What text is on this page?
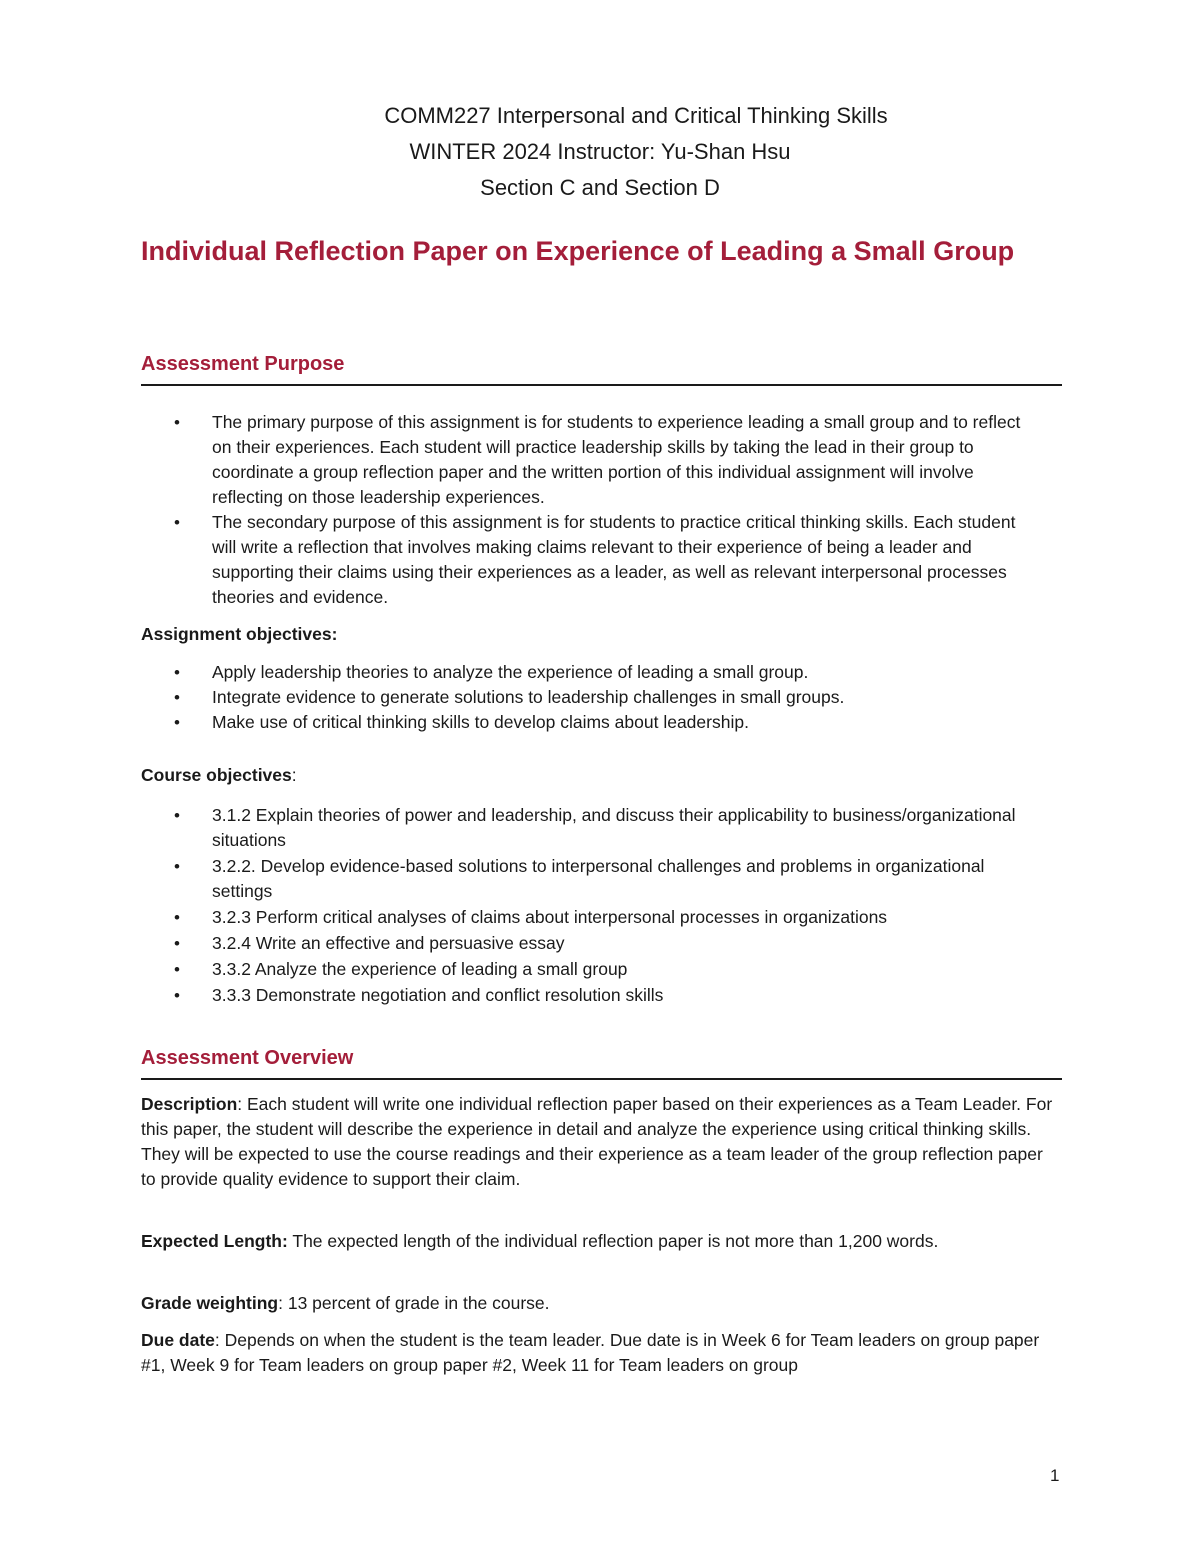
COMM227 Interpersonal and Critical Thinking Skills
WINTER 2024 Instructor: Yu-Shan Hsu
Section C and Section D
Individual Reflection Paper on Experience of Leading a Small Group
Assessment Purpose
• The primary purpose of this assignment is for students to experience leading a small group and to reflect on their experiences. Each student will practice leadership skills by taking the lead in their group to coordinate a group reflection paper and the written portion of this individual assignment will involve reflecting on those leadership experiences.
• The secondary purpose of this assignment is for students to practice critical thinking skills. Each student will write a reflection that involves making claims relevant to their experience of being a leader and supporting their claims using their experiences as a leader, as well as relevant interpersonal processes theories and evidence.
Assignment objectives:
• Apply leadership theories to analyze the experience of leading a small group.
• Integrate evidence to generate solutions to leadership challenges in small groups.
• Make use of critical thinking skills to develop claims about leadership.
Course objectives:
• 3.1.2 Explain theories of power and leadership, and discuss their applicability to business/organizational situations
• 3.2.2. Develop evidence-based solutions to interpersonal challenges and problems in organizational settings
• 3.2.3 Perform critical analyses of claims about interpersonal processes in organizations
• 3.2.4 Write an effective and persuasive essay
• 3.3.2 Analyze the experience of leading a small group
• 3.3.3 Demonstrate negotiation and conflict resolution skills
Assessment Overview

Description: Each student will write one individual reflection paper based on their experiences as a Team Leader. For this paper, the student will describe the experience in detail and analyze the experience using critical thinking skills. They will be expected to use the course readings and their experience as a team leader of the group reflection paper to provide quality evidence to support their claim.

Expected Length: The expected length of the individual reflection paper is not more than 1,200 words.

Grade weighting: 13 percent of grade in the course.

Due date: Depends on when the student is the team leader. Due date is in Week 6 for Team leaders on group paper #1, Week 9 for Team leaders on group paper #2, Week 11 for Team leaders on group

1
